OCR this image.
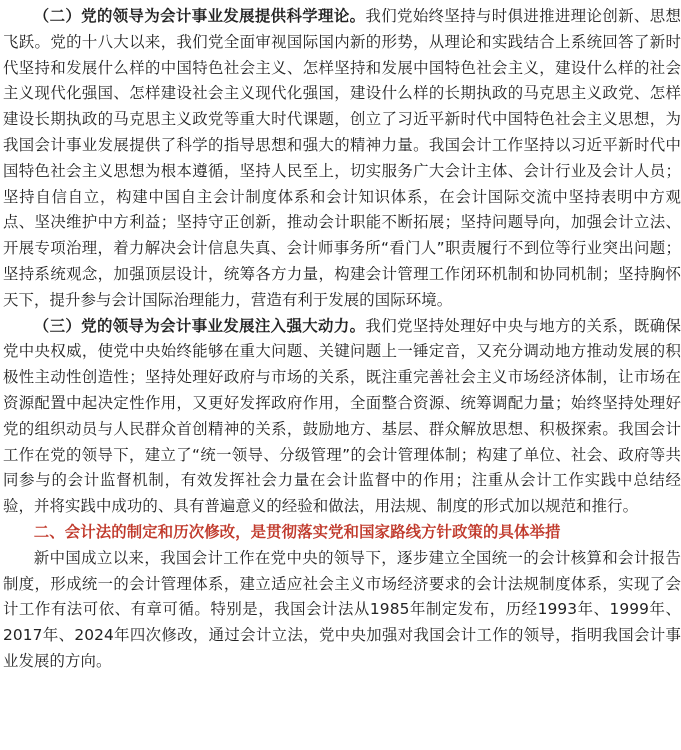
（二）党的领导为会计事业发展提供科学理论。我们党始终坚持与时俱进推进理论创新、思想飞跃。党的十八大以来，我们党全面审视国际国内新的形势，从理论和实践结合上系统回答了新时代坚持和发展什么样的中国特色社会主义、怎样坚持和发展中国特色社会主义，建设什么样的社会主义现代化强国、怎样建设社会主义现代化强国，建设什么样的长期执政的马克思主义政党、怎样建设长期执政的马克思主义政党等重大时代课题，创立了习近平新时代中国特色社会主义思想，为我国会计事业发展提供了科学的指导思想和强大的精神力量。我国会计工作坚持以习近平新时代中国特色社会主义思想为根本遵循，坚持人民至上，切实服务广大会计主体、会计行业及会计人员；坚持自信自立，构建中国自主会计制度体系和会计知识体系，在会计国际交流中坚持表明中方观点、坚决维护中方利益；坚持守正创新，推动会计职能不断拓展；坚持问题导向，加强会计立法、开展专项治理，着力解决会计信息失真、会计师事务所“看门人”职责履行不到位等行业突出问题；坚持系统观念，加强顶层设计，统筹各方力量，构建会计管理工作闭环机制和协同机制；坚持胸怀天下，提升参与会计国际治理能力，营造有利于发展的国际环境。

（三）党的领导为会计事业发展注入强大动力。我们党坚持处理好中央与地方的关系，既确保党中央权威，使党中央始终能够在重大问题、关键问题上一锤定音，又充分调动地方推动发展的积极性主动性创造性；坚持处理好政府与市场的关系，既注重完善社会主义市场经济体制，让市场在资源配置中起决定性作用，又更好发挥政府作用，全面整合资源、统筹调配力量；始终坚持处理好党的组织动员与人民群众首创精神的关系，鼓励地方、基层、群众解放思想、积极探索。我国会计工作在党的领导下，建立了“统一领导、分级管理”的会计管理体制；构建了单位、社会、政府等共同参与的会计监督机制，有效发挥社会力量在会计监督中的作用；注重从会计工作实践中总结经验，并将实践中成功的、具有普遍意义的经验和做法，用法规、制度的形式加以规范和推行。

二、会计法的制定和历次修改，是贯彻落实党和国家路线方针政策的具体举措

新中国成立以来，我国会计工作在党中央的领导下，逐步建立全国统一的会计核算和会计报告制度，形成统一的会计管理体系，建立适应社会主义市场经济要求的会计法规制度体系，实现了会计工作有法可依、有章可循。特别是，我国会计法从1985年制定发布，历经1993年、1999年、2017年、2024年四次修改，通过会计立法，党中央加强对我国会计工作的领导，指明我国会计事业发展的方向。
